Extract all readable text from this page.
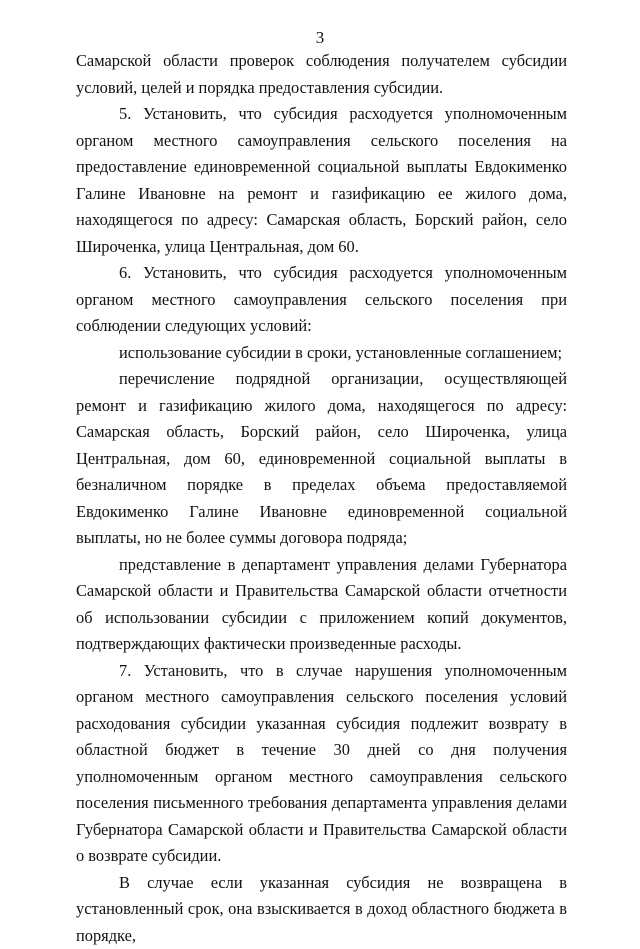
3

Самарской области проверок соблюдения получателем субсидии условий, целей и порядка предоставления субсидии.

5. Установить, что субсидия расходуется уполномоченным органом местного самоуправления сельского поселения на предоставление единовременной социальной выплаты Евдокименко Галине Ивановне на ремонт и газификацию ее жилого дома, находящегося по адресу: Самарская область, Борский район, село Широченка, улица Центральная, дом 60.

6. Установить, что субсидия расходуется уполномоченным органом местного самоуправления сельского поселения при соблюдении следующих условий:

использование субсидии в сроки, установленные соглашением;

перечисление подрядной организации, осуществляющей ремонт и газификацию жилого дома, находящегося по адресу: Самарская область, Борский район, село Широченка, улица Центральная, дом 60, единовременной социальной выплаты в безналичном порядке в пределах объема предоставляемой Евдокименко Галине Ивановне единовременной социальной выплаты, но не более суммы договора подряда;

представление в департамент управления делами Губернатора Самарской области и Правительства Самарской области отчетности об использовании субсидии с приложением копий документов, подтверждающих фактически произведенные расходы.

7. Установить, что в случае нарушения уполномоченным органом местного самоуправления сельского поселения условий расходования субсидии указанная субсидия подлежит возврату в областной бюджет в течение 30 дней со дня получения уполномоченным органом местного самоуправления сельского поселения письменного требования департамента управления делами Губернатора Самарской области и Правительства Самарской области о возврате субсидии.

В случае если указанная субсидия не возвращена в установленный срок, она взыскивается в доход областного бюджета в порядке,
